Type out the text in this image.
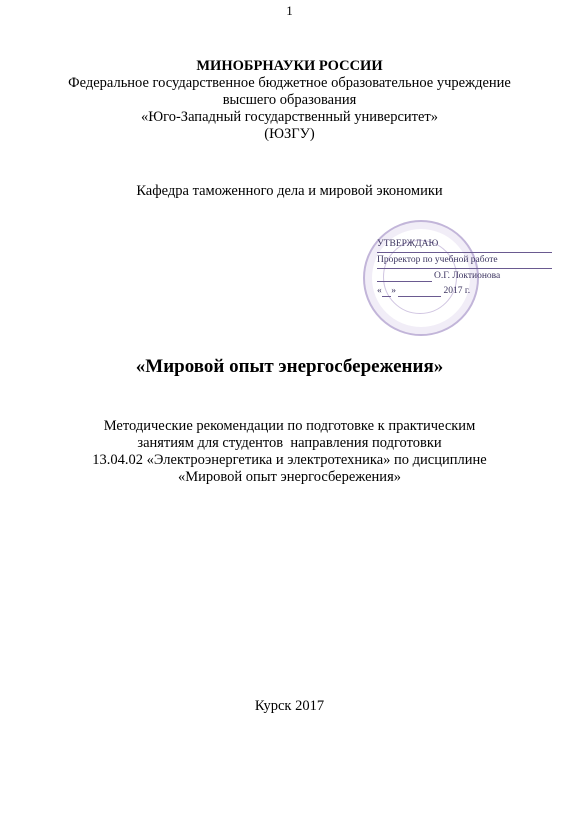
1
МИНОБРНАУКИ РОССИИ
Федеральное государственное бюджетное образовательное учреждение
высшего образования
«Юго-Западный государственный университет»
(ЮЗГУ)
Кафедра таможенного дела и мировой экономики
УТВЕРЖДАЮ
Проректор по учебной работе
О.Г. Локтионова
« »	2017 г.
«Мировой опыт энергосбережения»
Методические рекомендации по подготовке к практическим
занятиям для студентов  направления подготовки
13.04.02 «Электроэнергетика и электротехника» по дисциплине
«Мировой опыт энергосбережения»
Курск 2017
